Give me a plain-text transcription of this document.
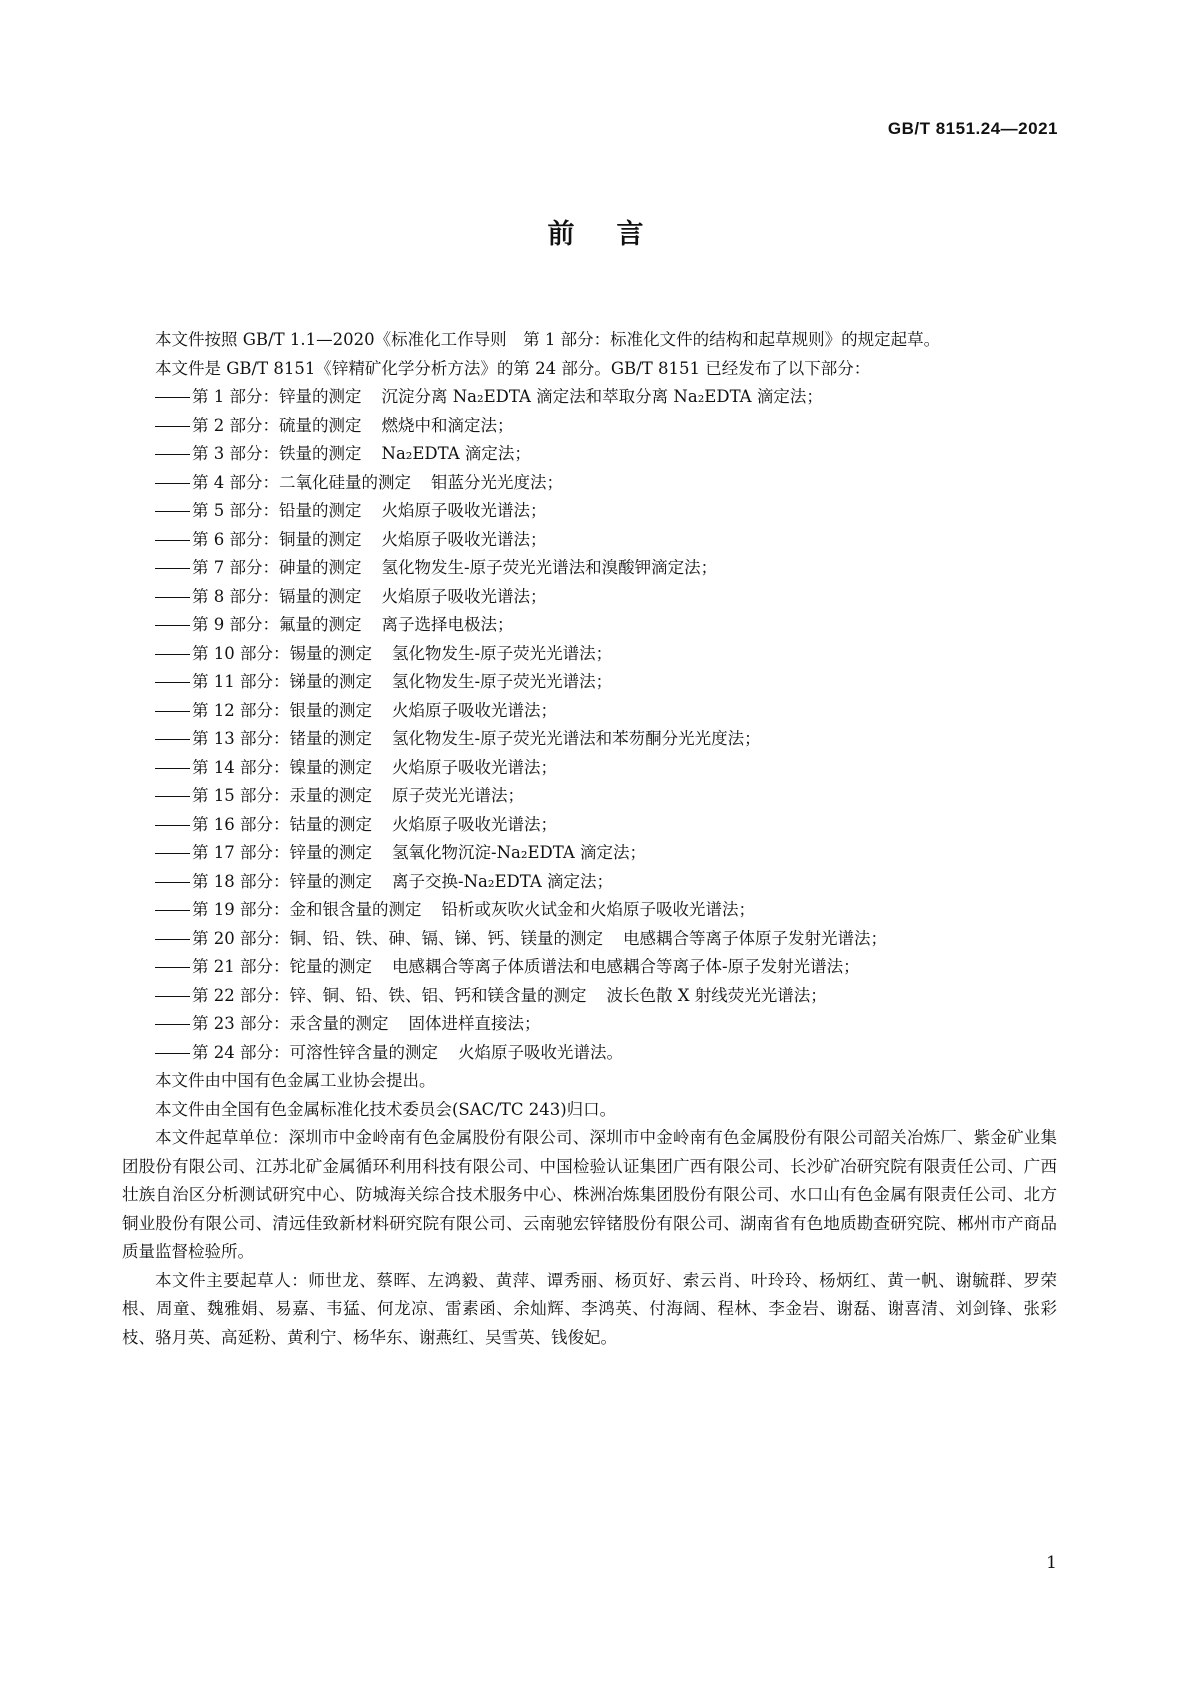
GB/T 8151.24—2021
前言

本文件按照 GB/T 1.1—2020《标准化工作导则　第 1 部分：标准化文件的结构和起草规则》的规定起草。

本文件是 GB/T 8151《锌精矿化学分析方法》的第 24 部分。GB/T 8151 已经发布了以下部分：

第 1 部分：锌量的测定 沉淀分离 Na₂EDTA 滴定法和萃取分离 Na₂EDTA 滴定法；
第 2 部分：硫量的测定 燃烧中和滴定法；
第 3 部分：铁量的测定 Na₂EDTA 滴定法；
第 4 部分：二氧化硅量的测定 钼蓝分光光度法；
第 5 部分：铅量的测定 火焰原子吸收光谱法；
第 6 部分：铜量的测定 火焰原子吸收光谱法；
第 7 部分：砷量的测定 氢化物发生-原子荧光光谱法和溴酸钾滴定法；
第 8 部分：镉量的测定 火焰原子吸收光谱法；
第 9 部分：氟量的测定 离子选择电极法；
第 10 部分：锡量的测定 氢化物发生-原子荧光光谱法；
第 11 部分：锑量的测定 氢化物发生-原子荧光光谱法；
第 12 部分：银量的测定 火焰原子吸收光谱法；
第 13 部分：锗量的测定 氢化物发生-原子荧光光谱法和苯芴酮分光光度法；
第 14 部分：镍量的测定 火焰原子吸收光谱法；
第 15 部分：汞量的测定 原子荧光光谱法；
第 16 部分：钴量的测定 火焰原子吸收光谱法；
第 17 部分：锌量的测定 氢氧化物沉淀-Na₂EDTA 滴定法；
第 18 部分：锌量的测定 离子交换-Na₂EDTA 滴定法；
第 19 部分：金和银含量的测定 铅析或灰吹火试金和火焰原子吸收光谱法；
第 20 部分：铜、铅、铁、砷、镉、锑、钙、镁量的测定 电感耦合等离子体原子发射光谱法；
第 21 部分：铊量的测定 电感耦合等离子体质谱法和电感耦合等离子体-原子发射光谱法；
第 22 部分：锌、铜、铅、铁、铝、钙和镁含量的测定 波长色散 X 射线荧光光谱法；
第 23 部分：汞含量的测定 固体进样直接法；
第 24 部分：可溶性锌含量的测定 火焰原子吸收光谱法。

本文件由中国有色金属工业协会提出。

本文件由全国有色金属标准化技术委员会(SAC/TC 243)归口。

本文件起草单位：深圳市中金岭南有色金属股份有限公司、深圳市中金岭南有色金属股份有限公司韶关冶炼厂、紫金矿业集团股份有限公司、江苏北矿金属循环利用科技有限公司、中国检验认证集团广西有限公司、长沙矿冶研究院有限责任公司、广西壮族自治区分析测试研究中心、防城海关综合技术服务中心、株洲冶炼集团股份有限公司、水口山有色金属有限责任公司、北方铜业股份有限公司、清远佳致新材料研究院有限公司、云南驰宏锌锗股份有限公司、湖南省有色地质勘查研究院、郴州市产商品质量监督检验所。

本文件主要起草人：师世龙、蔡晖、左鸿毅、黄萍、谭秀丽、杨页好、索云肖、叶玲玲、杨炳红、黄一帆、谢毓群、罗荣根、周童、魏雅娟、易嘉、韦猛、何龙凉、雷素函、余灿辉、李鸿英、付海阔、程林、李金岩、谢磊、谢喜清、刘剑锋、张彩枝、骆月英、高延粉、黄利宁、杨华东、谢燕红、吴雪英、钱俊妃。

1
